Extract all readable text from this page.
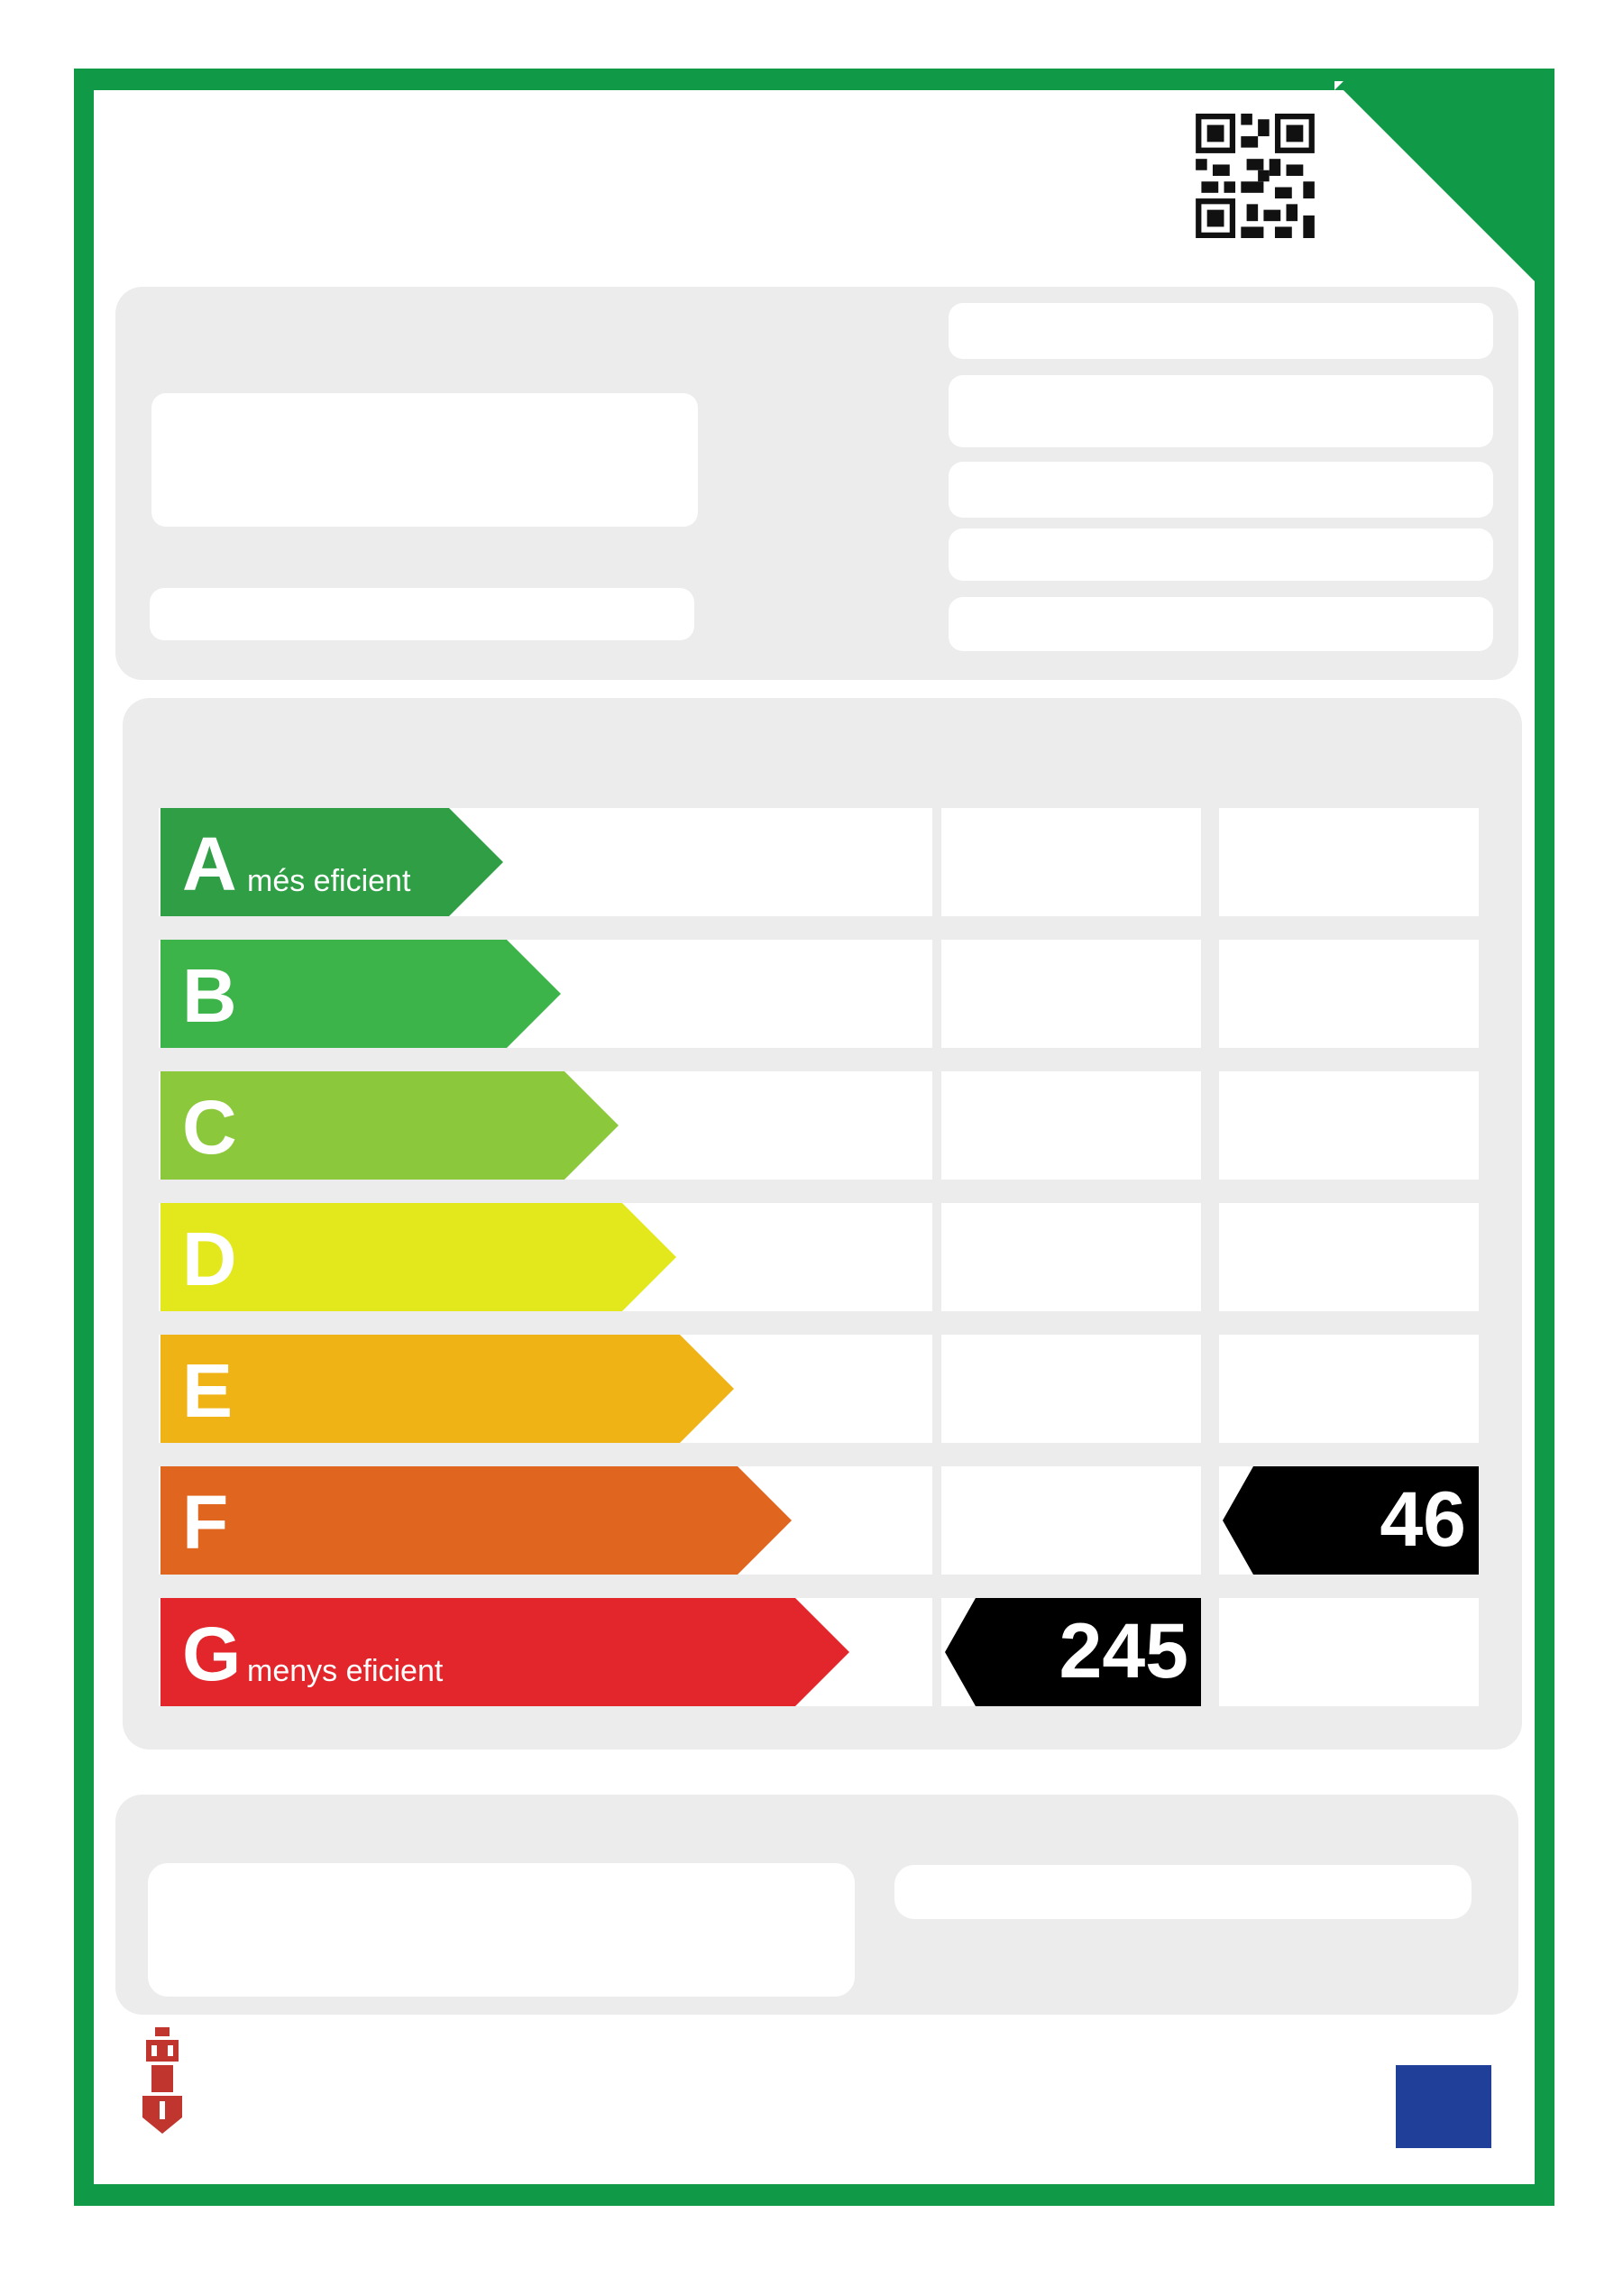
A més eficient
B
C
D
E
F
G menys eficient	245
46
